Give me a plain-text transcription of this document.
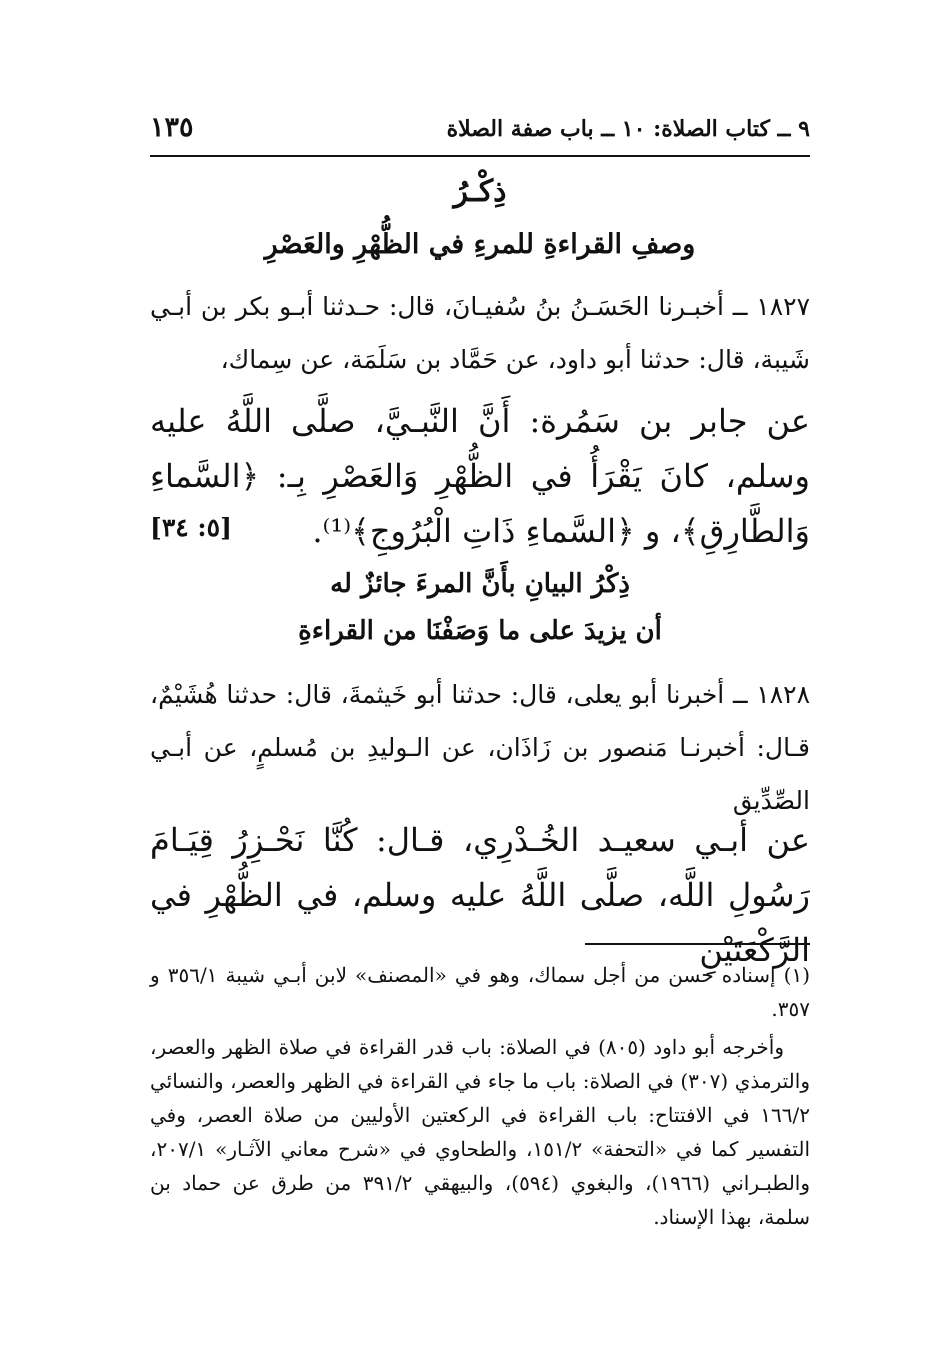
٩ ــ كتاب الصلاة: ١٠ ــ باب صفة الصلاة
١٣٥
ذِكْـرُ
وصفِ القراءةِ للمرءِ في الظُّهْرِ والعَصْرِ
١٨٢٧ ــ أخبـرنا الحَسَـنُ بنُ سُفيـانَ، قال: حـدثنا أبـو بكر بن أبـي شَيبة، قال: حدثنا أبو داود، عن حَمَّاد بن سَلَمَة، عن سِماك،
عن جابر بن سَمُرة: أَنَّ النَّبـيَّ، صلَّى اللَّهُ عليه وسلم، كانَ يَقْرَأُ في الظُّهْرِ وَالعَصْرِ بِـ: ﴿السَّماءِ وَالطَّارِقِ﴾، و ﴿السَّماءِ ذَاتِ الْبُرُوجِ﴾⁽¹⁾.
[٥: ٣٤]
ذِكْرُ البيانِ بأَنَّ المرءَ جائزٌ له
أن يزيدَ على ما وَصَفْنَا من القراءةِ
١٨٢٨ ــ أخبرنا أبو يعلى، قال: حدثنا أبو خَيثمةَ، قال: حدثنا هُشَيْمٌ، قـال: أخبرنـا مَنصور بن زَاذَان، عن الـوليدِ بن مُسلمٍ، عن أبـي الصِّدِّيق
عن أبـي سعيـد الخُـدْرِي، قـال: كُنَّا نَحْـزِرُ قِيَـامَ رَسُولِ اللَّه، صلَّى اللَّهُ عليه وسلم، في الظُّهْرِ في الرَّكْعَتَيْنِ
(١) إسناده حسن من أجل سماك، وهو في «المصنف» لابن أبـي شيبة ٣٥٦/١ و ٣٥٧.
وأخرجه أبو داود (٨٠٥) في الصلاة: باب قدر القراءة في صلاة الظهر والعصر، والترمذي (٣٠٧) في الصلاة: باب ما جاء في القراءة في الظهر والعصر، والنسائي ١٦٦/٢ في الافتتاح: باب القراءة في الركعتين الأوليين من صلاة العصر، وفي التفسير كما في «التحفة» ١٥١/٢، والطحاوي في «شرح معاني الآثـار» ٢٠٧/١، والطبـراني (١٩٦٦)، والبغوي (٥٩٤)، والبيهقي ٣٩١/٢ من طرق عن حماد بن سلمة، بهذا الإسناد.
